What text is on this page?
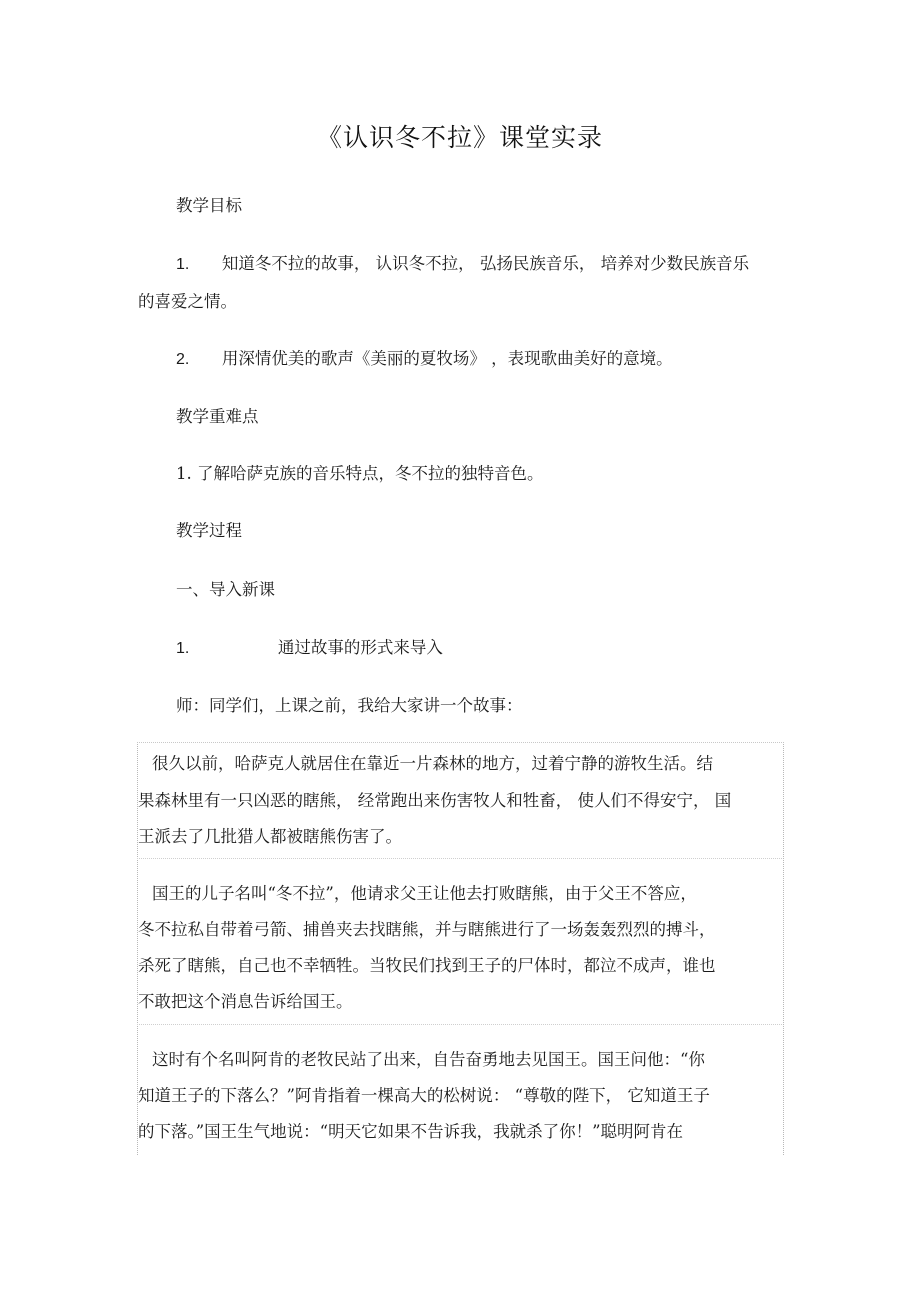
《认识冬不拉》课堂实录
教学目标
1. 知道冬不拉的故事， 认识冬不拉， 弘扬民族音乐， 培养对少数民族音乐
的喜爱之情。
2. 用深情优美的歌声《美丽的夏牧场》 ，表现歌曲美好的意境。
教学重难点
1. 了解哈萨克族的音乐特点，冬不拉的独特音色。
教学过程
一、导入新课
1.	通过故事的形式来导入
师：同学们，上课之前，我给大家讲一个故事：
很久以前，哈萨克人就居住在靠近一片森林的地方，过着宁静的游牧生活。结
果森林里有一只凶恶的瞎熊， 经常跑出来伤害牧人和牲畜， 使人们不得安宁， 国
王派去了几批猎人都被瞎熊伤害了。
国王的儿子名叫“冬不拉”，他请求父王让他去打败瞎熊，由于父王不答应，
冬不拉私自带着弓箭、捕兽夹去找瞎熊，并与瞎熊进行了一场轰轰烈烈的搏斗，
杀死了瞎熊，自己也不幸牺牲。当牧民们找到王子的尸体时，都泣不成声，谁也
不敢把这个消息告诉给国王。
这时有个名叫阿肯的老牧民站了出来，自告奋勇地去见国王。国王问他：“你
知道王子的下落么？”阿肯指着一棵高大的松树说： “尊敬的陛下， 它知道王子
的下落。”国王生气地说：“明天它如果不告诉我，我就杀了你！”聪明阿肯在
